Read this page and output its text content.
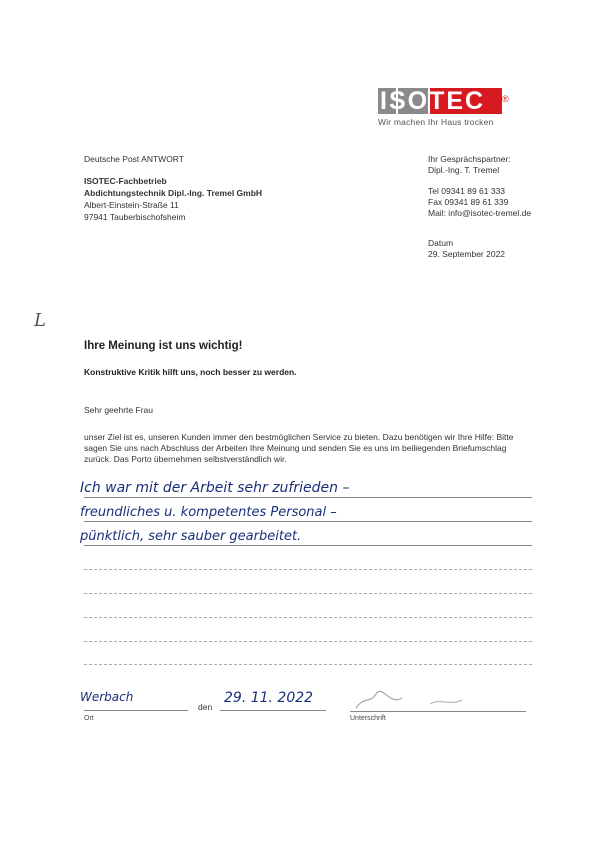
ISOTEC	®
Wir machen Ihr Haus trocken
Deutsche Post ANTWORT
ISOTEC-Fachbetrieb
Abdichtungstechnik Dipl.-Ing. Tremel GmbH
Albert-Einstein-Straße 11
97941 Tauberbischofsheim
Ihr Gesprächspartner:
Dipl.-Ing. T. Tremel
Tel 09341 89 61 333
Fax 09341 89 61 339
Mail: info@isotec-tremel.de
Datum
29. September 2022
L
Ihre Meinung ist uns wichtig!
Konstruktive Kritik hilft uns, noch besser zu werden.
Sehr geehrte Frau
unser Ziel ist es, unseren Kunden immer den bestmöglichen Service zu bieten. Dazu benötigen wir Ihre Hilfe: Bitte sagen Sie uns nach Abschluss der Arbeiten Ihre Meinung und senden Sie es uns im beiliegenden Briefumschlag zurück. Das Porto übernehmen selbstverständlich wir.
Ich war mit der Arbeit sehr zufrieden –
freundliches u. kompetentes Personal –
pünktlich, sehr sauber gearbeitet.
Werbach
den
29. 11. 2022
Ort	Unterschrift
